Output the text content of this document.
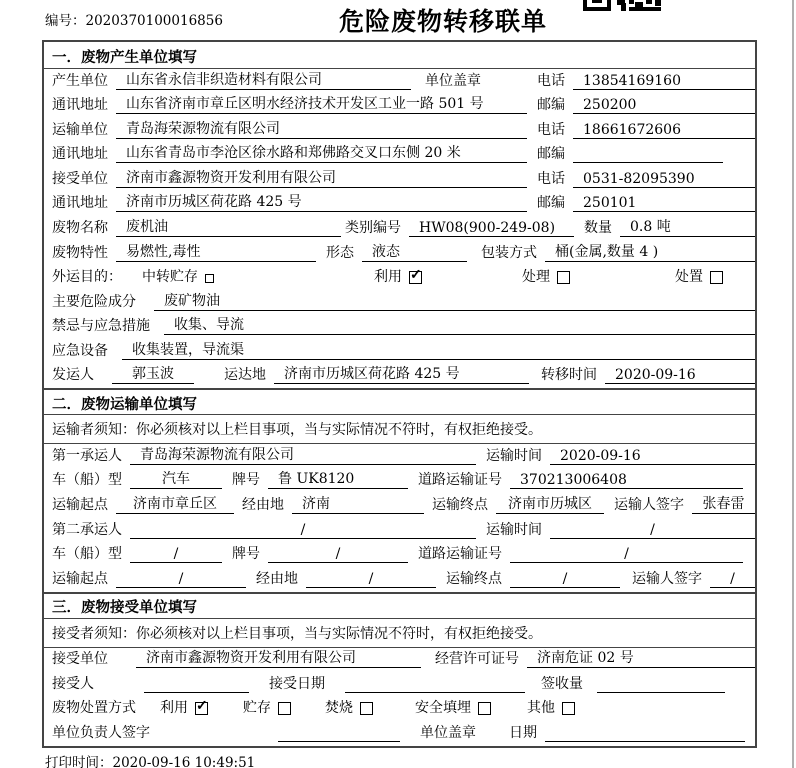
编号：2020370100016856	危险废物转移联单
一．废物产生单位填写
产生单位	山东省永信非织造材料有限公司	单位盖章	电话	13854169160
通讯地址	山东省济南市章丘区明水经济技术开发区工业一路 501 号	邮编	250200
运输单位	青岛海荣源物流有限公司	电话	18661672606
通讯地址	山东省青岛市李沧区徐水路和郑佛路交叉口东侧 20 米	邮编
接受单位	济南市鑫源物资开发利用有限公司	电话	0531-82095390
通讯地址	济南市历城区荷花路 425 号	邮编	250101
废物名称	废机油	类别编号	HW08(900-249-08)	数量	0.8 吨
废物特性	易燃性,毒性	形态	液态	包装方式	桶(金属,数量 4 )
外运目的： 中转贮存	利用 ✓	处理	处置
主要危险成分	废矿物油
禁忌与应急措施	收集、导流
应急设备	收集装置，导流渠
发运人	郭玉波	运达地	济南市历城区荷花路 425 号	转移时间	2020-09-16
二．废物运输单位填写
运输者须知：你必须核对以上栏目事项，当与实际情况不符时，有权拒绝接受。
第一承运人	青岛海荣源物流有限公司	运输时间	2020-09-16
车（船）型	汽车	牌号	鲁 UK8120	道路运输证号	370213006408
运输起点	济南市章丘区	经由地	济南	运输终点	济南市历城区	运输人签字	张春雷
第二承运人	/	运输时间	/
车（船）型	/	牌号	/	道路运输证号	/
运输起点	/	经由地	/	运输终点	/	运输人签字	/
三．废物接受单位填写
接受者须知：你必须核对以上栏目事项，当与实际情况不符时，有权拒绝接受。
接受单位	济南市鑫源物资开发利用有限公司	经营许可证号	济南危证 02 号
接受人	接受日期	签收量
废物处置方式 利用 ✓	贮存	焚烧	安全填埋	其他
单位负责人签字	单位盖章 日期
打印时间：2020-09-16 10:49:51
